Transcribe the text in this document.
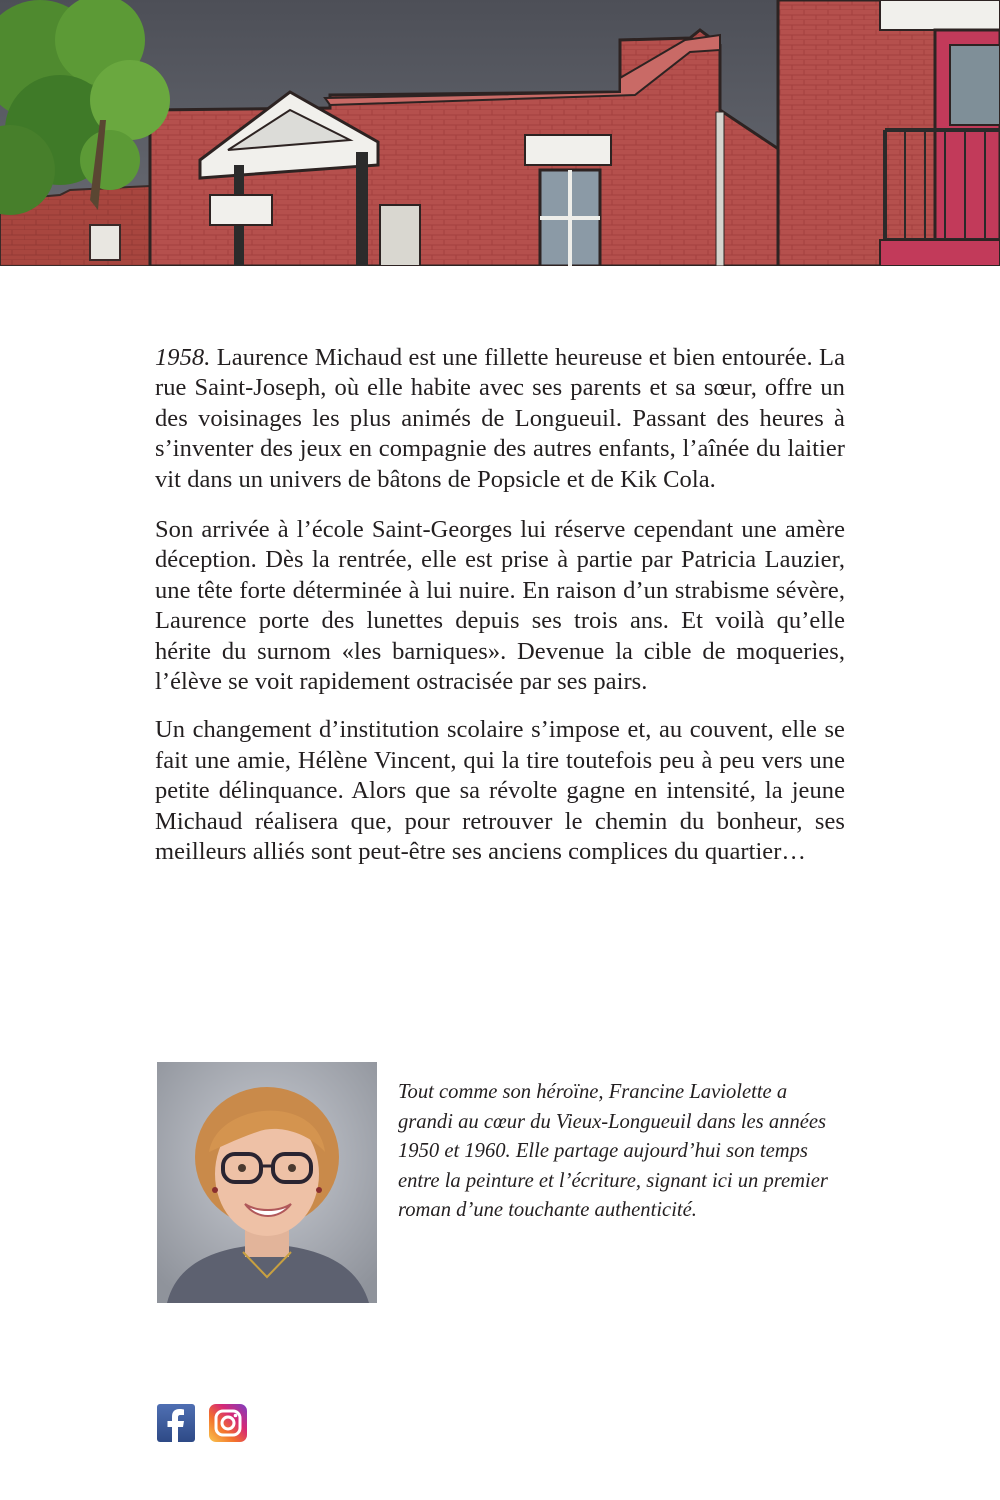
1958. Laurence Michaud est une fillette heureuse et bien entourée. La rue Saint-Joseph, où elle habite avec ses parents et sa sœur, offre un des voisinages les plus animés de Longueuil. Passant des heures à s’inventer des jeux en compagnie des autres enfants, l’aînée du laitier vit dans un univers de bâtons de Popsicle et de Kik Cola.

Son arrivée à l’école Saint-Georges lui réserve cependant une amère déception. Dès la rentrée, elle est prise à partie par Patricia Lauzier, une tête forte déterminée à lui nuire. En raison d’un strabisme sévère, Laurence porte des lunettes depuis ses trois ans. Et voilà qu’elle hérite du surnom «les barniques». Devenue la cible de moqueries, l’élève se voit rapidement ostracisée par ses pairs.

Un changement d’institution scolaire s’impose et, au couvent, elle se fait une amie, Hélène Vincent, qui la tire toutefois peu à peu vers une petite délinquance. Alors que sa révolte gagne en intensité, la jeune Michaud réalisera que, pour retrouver le chemin du bonheur, ses meilleurs alliés sont peut-être ses anciens complices du quartier…

Tout comme son héroïne, Francine Laviolette a grandi au cœur du Vieux-Longueuil dans les années 1950 et 1960. Elle partage aujourd’hui son temps entre la peinture et l’écriture, signant ici un premier roman d’une touchante authenticité.
